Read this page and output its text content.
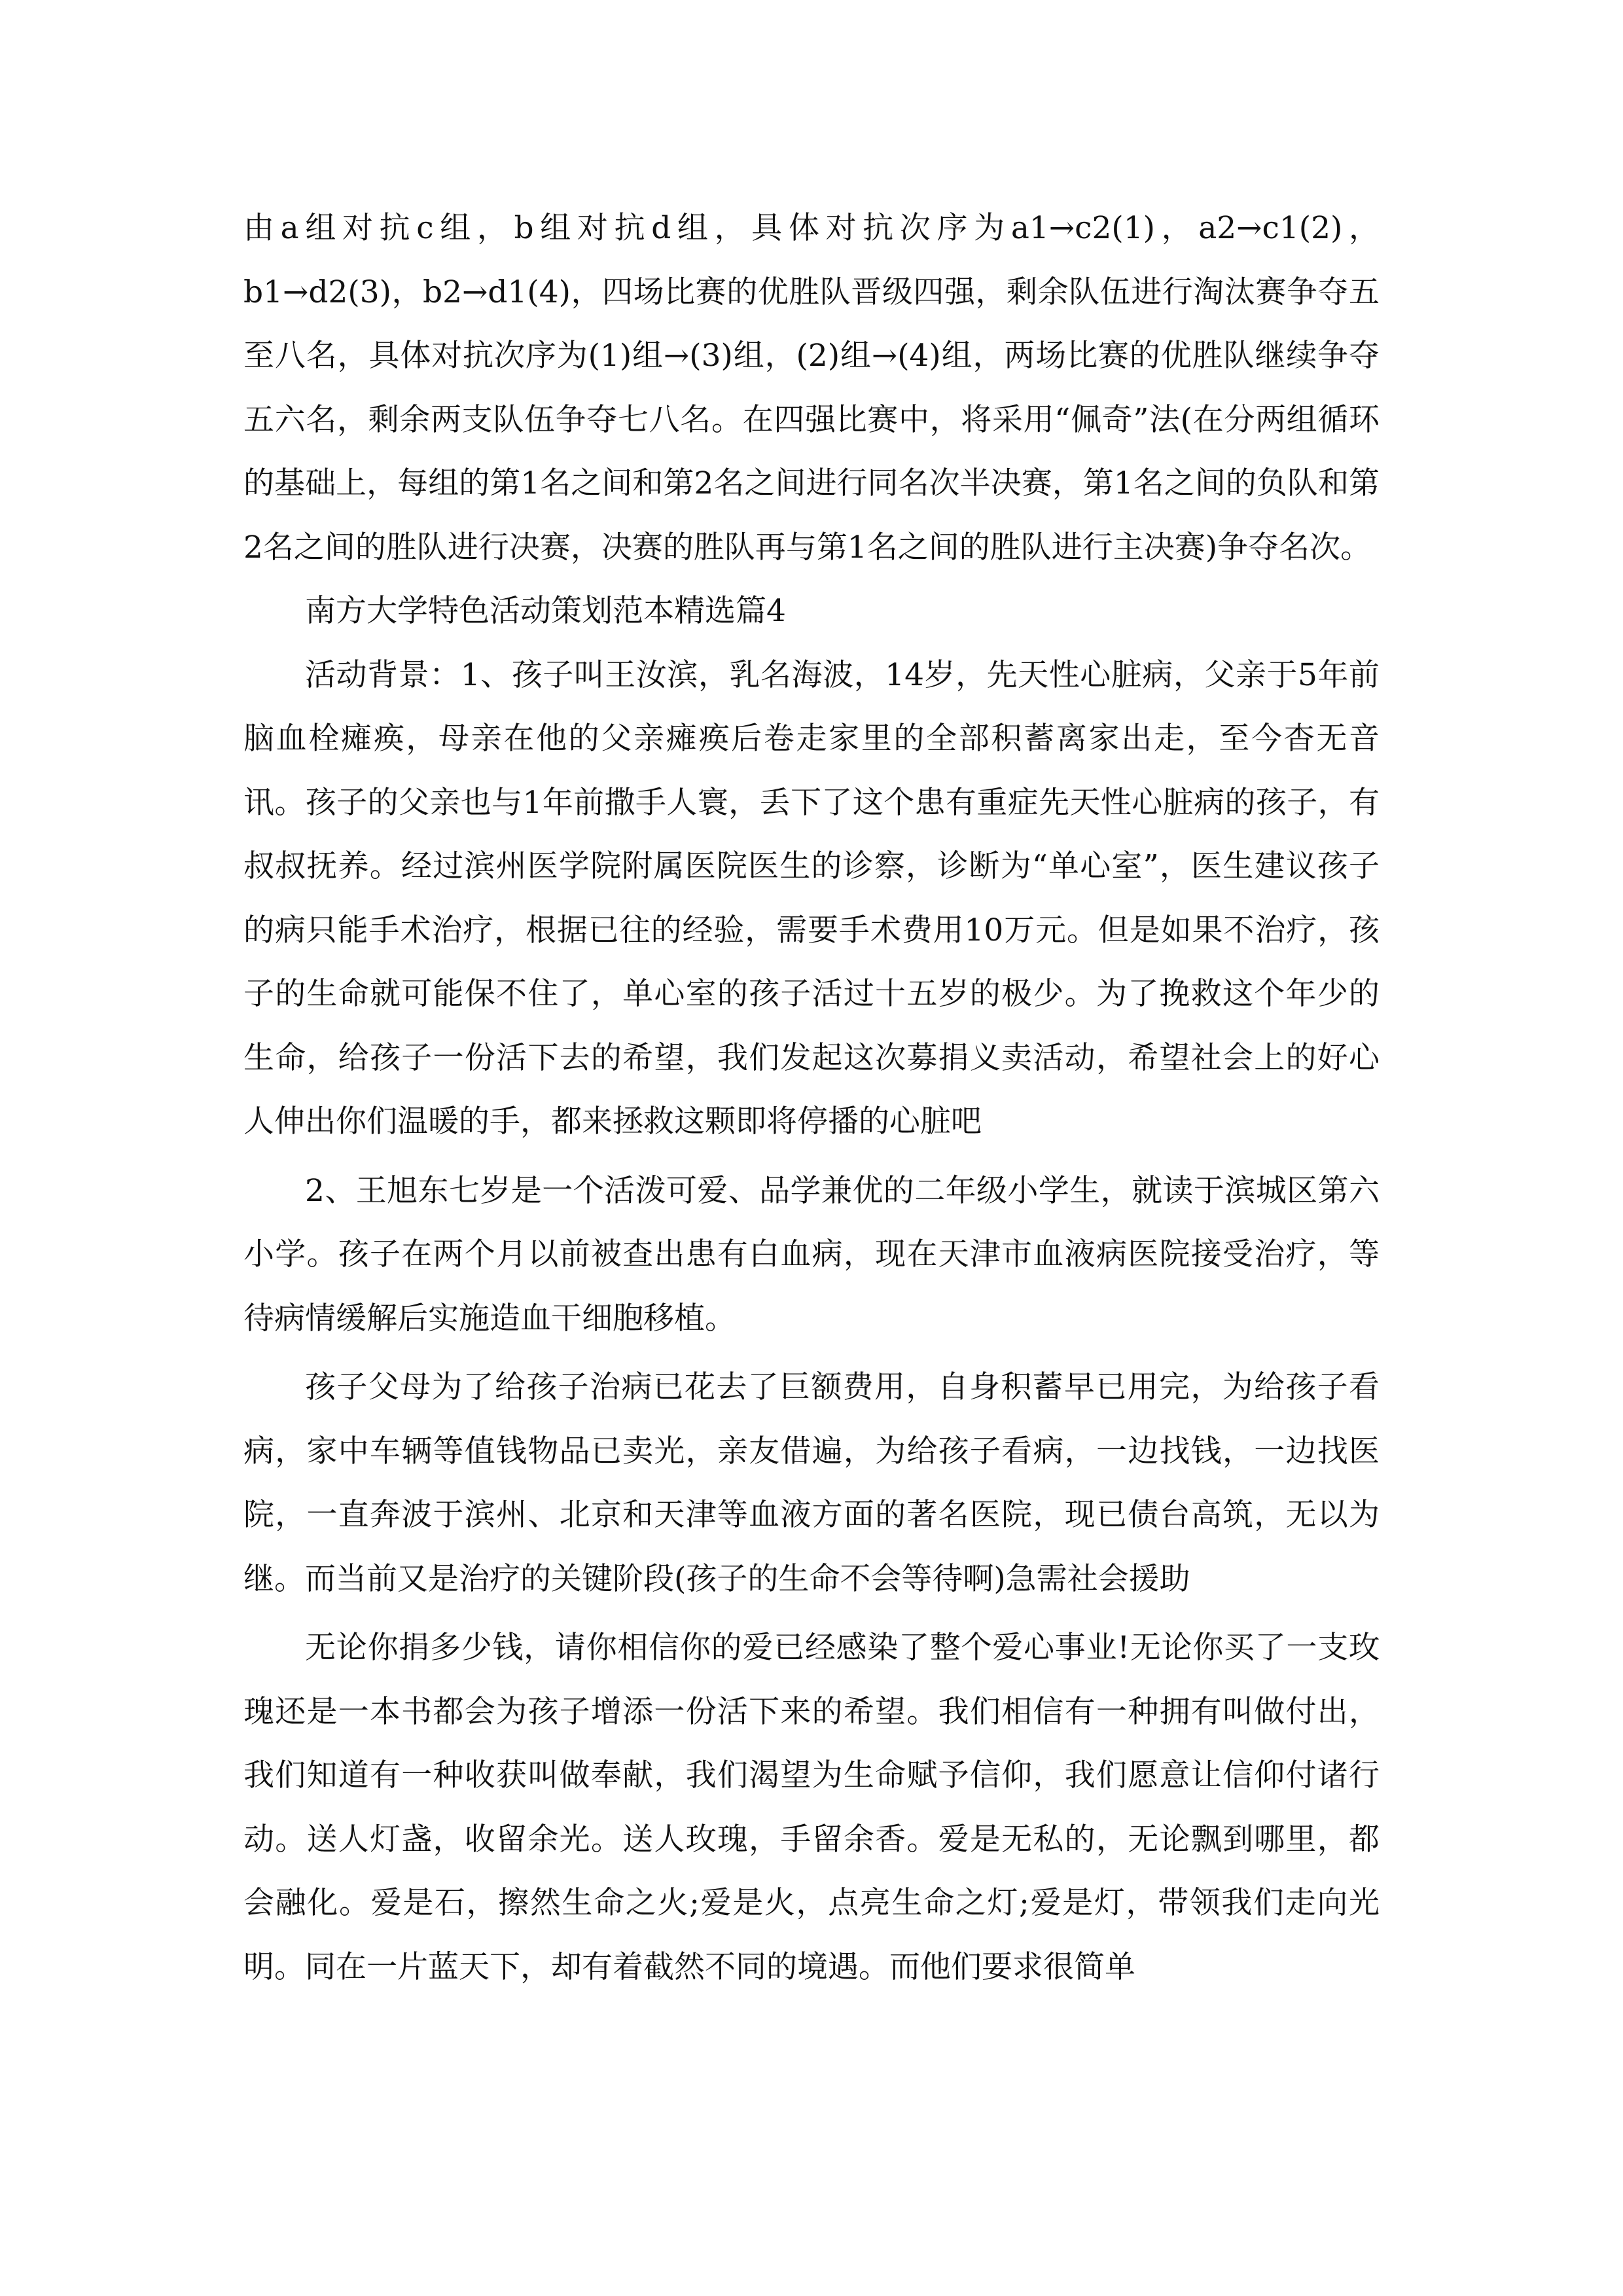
由a组对抗c组，b组对抗d组，具体对抗次序为a1→c2(1)，a2→c1(2)，b1→d2(3)，b2→d1(4)，四场比赛的优胜队晋级四强，剩余队伍进行淘汰赛争夺五至八名，具体对抗次序为(1)组→(3)组，(2)组→(4)组，两场比赛的优胜队继续争夺五六名，剩余两支队伍争夺七八名。在四强比赛中，将采用“佩奇”法(在分两组循环的基础上，每组的第1名之间和第2名之间进行同名次半决赛，第1名之间的负队和第2名之间的胜队进行决赛，决赛的胜队再与第1名之间的胜队进行主决赛)争夺名次。

南方大学特色活动策划范本精选篇4

活动背景：1、孩子叫王汝滨，乳名海波，14岁，先天性心脏病，父亲于5年前脑血栓瘫痪，母亲在他的父亲瘫痪后卷走家里的全部积蓄离家出走，至今杳无音讯。孩子的父亲也与1年前撒手人寰，丢下了这个患有重症先天性心脏病的孩子，有叔叔抚养。经过滨州医学院附属医院医生的诊察，诊断为“单心室”，医生建议孩子的病只能手术治疗，根据已往的经验，需要手术费用10万元。但是如果不治疗，孩子的生命就可能保不住了，单心室的孩子活过十五岁的极少。为了挽救这个年少的生命，给孩子一份活下去的希望，我们发起这次募捐义卖活动，希望社会上的好心人伸出你们温暖的手，都来拯救这颗即将停播的心脏吧

2、王旭东七岁是一个活泼可爱、品学兼优的二年级小学生，就读于滨城区第六小学。孩子在两个月以前被查出患有白血病，现在天津市血液病医院接受治疗，等待病情缓解后实施造血干细胞移植。

孩子父母为了给孩子治病已花去了巨额费用，自身积蓄早已用完，为给孩子看病，家中车辆等值钱物品已卖光，亲友借遍，为给孩子看病，一边找钱，一边找医院，一直奔波于滨州、北京和天津等血液方面的著名医院，现已债台高筑，无以为继。而当前又是治疗的关键阶段(孩子的生命不会等待啊)急需社会援助

无论你捐多少钱，请你相信你的爱已经感染了整个爱心事业!无论你买了一支玫瑰还是一本书都会为孩子增添一份活下来的希望。我们相信有一种拥有叫做付出，我们知道有一种收获叫做奉献，我们渴望为生命赋予信仰，我们愿意让信仰付诸行动。送人灯盏，收留余光。送人玫瑰，手留余香。爱是无私的，无论飘到哪里，都会融化。爱是石，擦然生命之火;爱是火，点亮生命之灯;爱是灯，带领我们走向光明。同在一片蓝天下，却有着截然不同的境遇。而他们要求很简单
